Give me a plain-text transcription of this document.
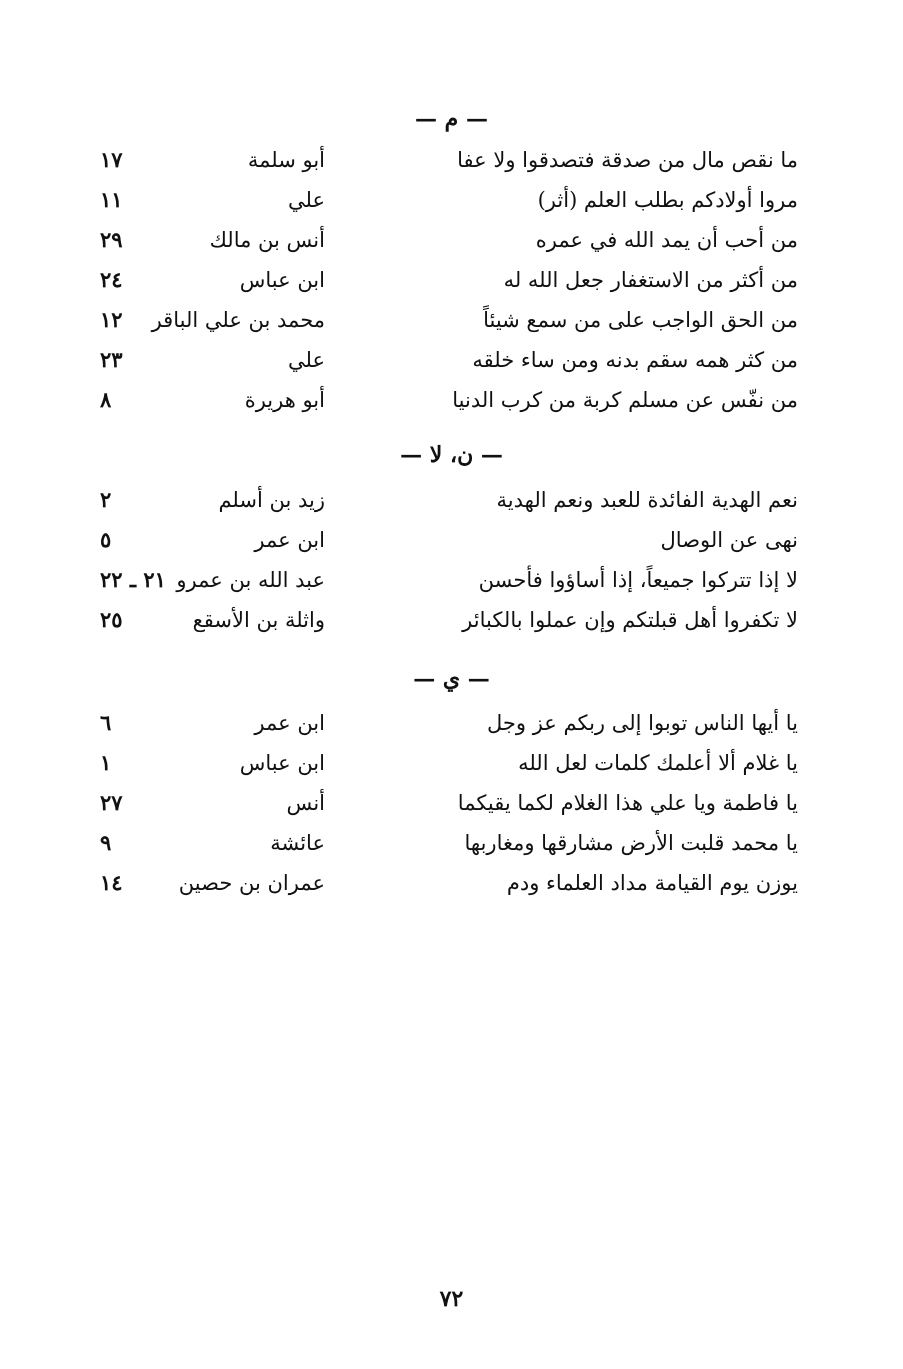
— م —
ما نقص مال من صدقة فتصدقوا ولا عفا
أبو سلمة
١٧
مروا أولادكم بطلب العلم (أثر)
علي
١١
من أحب أن يمد الله في عمره
أنس بن مالك
٢٩
من أكثر من الاستغفار جعل الله له
ابن عباس
٢٤
من الحق الواجب على من سمع شيئاً
محمد بن علي الباقر
١٢
من كثر همه سقم بدنه ومن ساء خلقه
علي
٢٣
من نفّس عن مسلم كربة من كرب الدنيا
أبو هريرة
٨
— ن، لا —
نعم الهدية الفائدة للعبد ونعم الهدية
زيد بن أسلم
٢
نهى عن الوصال
ابن عمر
٥
لا إذا تتركوا جميعاً، إذا أساؤوا فأحسن
عبد الله بن عمرو
٢١ ـ ٢٢
لا تكفروا أهل قبلتكم وإن عملوا بالكبائر
واثلة بن الأسقع
٢٥
— ي —
يا أيها الناس توبوا إلى ربكم عز وجل
ابن عمر
٦
يا غلام ألا أعلمك كلمات لعل الله
ابن عباس
١
يا فاطمة ويا علي هذا الغلام لكما يقيكما
أنس
٢٧
يا محمد قلبت الأرض مشارقها ومغاربها
عائشة
٩
يوزن يوم القيامة مداد العلماء ودم
عمران بن حصين
١٤
٧٢
